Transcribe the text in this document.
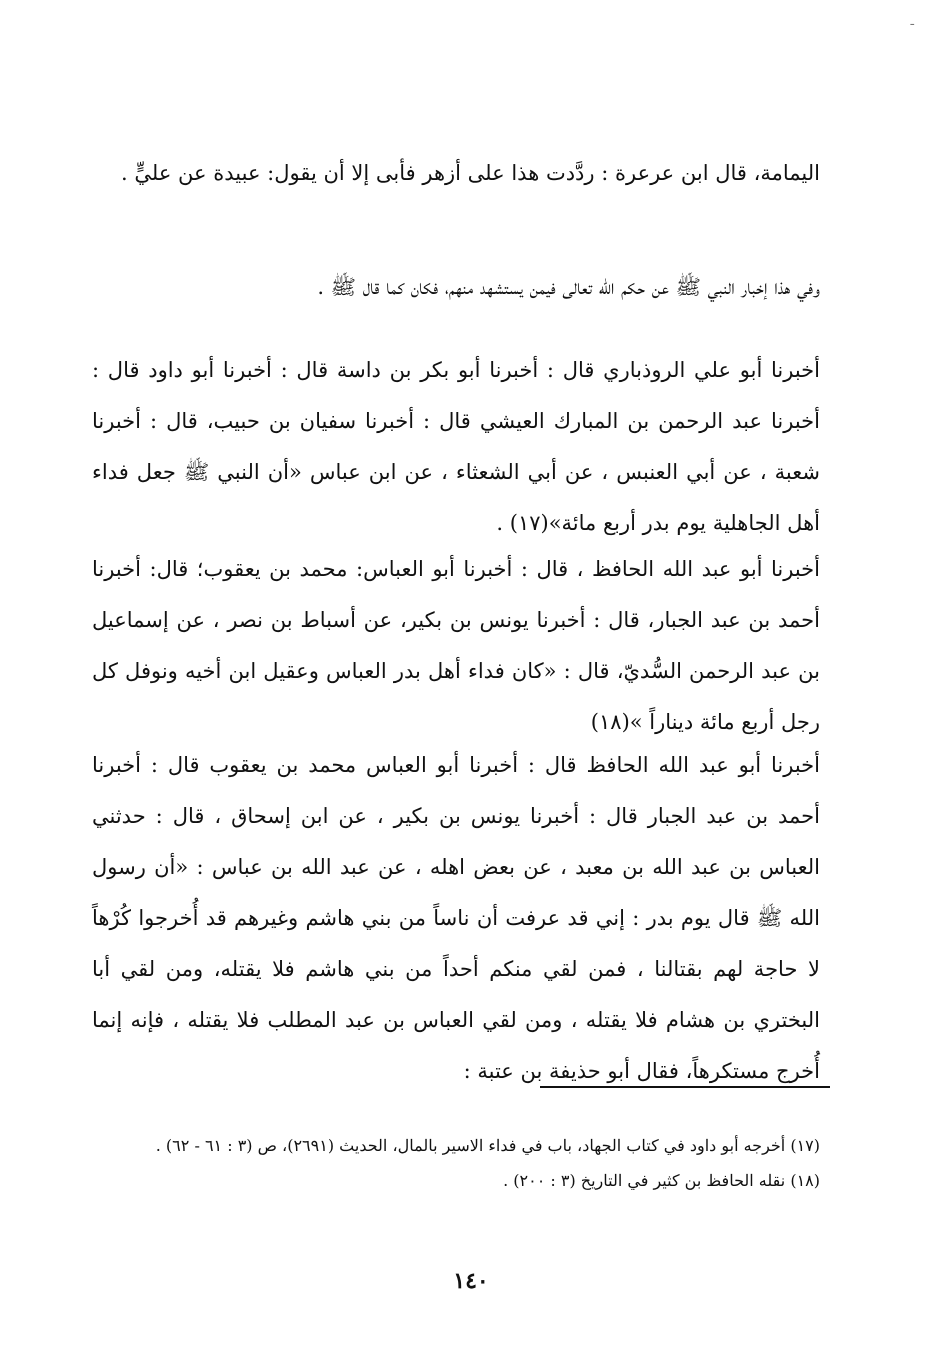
ـ

اليمامة، قال ابن عرعرة : ردَّدت هذا على أزهر فأبى إلا أن يقول: عبيدة عن عليٍّ .

وفي هذا إخبار النبي ﷺ عن حكم الله تعالى فيمن يستشهد منهم، فكان كما قال ﷺ .

أخبرنا أبو علي الروذباري قال : أخبرنا أبو بكر بن داسة قال : أخبرنا أبو داود قال : أخبرنا عبد الرحمن بن المبارك العيشي قال : أخبرنا سفيان بن حبيب، قال : أخبرنا شعبة ، عن أبي العنبس ، عن أبي الشعثاء ، عن ابن عباس «أن النبي ﷺ جعل فداء أهل الجاهلية يوم بدر أربع مائة»(١٧) .

أخبرنا أبو عبد الله الحافظ ، قال : أخبرنا أبو العباس: محمد بن يعقوب؛ قال: أخبرنا أحمد بن عبد الجبار، قال : أخبرنا يونس بن بكير، عن أسباط بن نصر ، عن إسماعيل بن عبد الرحمن السُّديّ، قال : «كان فداء أهل بدر العباس وعقيل ابن أخيه ونوفل كل رجل أربع مائة ديناراً »(١٨)

أخبرنا أبو عبد الله الحافظ قال : أخبرنا أبو العباس محمد بن يعقوب قال : أخبرنا أحمد بن عبد الجبار قال : أخبرنا يونس بن بكير ، عن ابن إسحاق ، قال : حدثني العباس بن عبد الله بن معبد ، عن بعض اهله ، عن عبد الله بن عباس : «أن رسول الله ﷺ قال يوم بدر : إني قد عرفت أن ناساً من بني هاشم وغيرهم قد أُخرجوا كُرْهاً لا حاجة لهم بقتالنا ، فمن لقي منكم أحداً من بني هاشم فلا يقتله، ومن لقي أبا البختري بن هشام فلا يقتله ، ومن لقي العباس بن عبد المطلب فلا يقتله ، فإنه إنما أُخرج مستكرهاً، فقال أبو حذيفة بن عتبة :

(١٧) أخرجه أبو داود في كتاب الجهاد، باب في فداء الاسير بالمال، الحديث (٢٦٩١)، ص (٣ : ٦١ - ٦٢) .

(١٨) نقله الحافظ بن كثير في التاريخ (٣ : ٢٠٠) .

١٤٠
